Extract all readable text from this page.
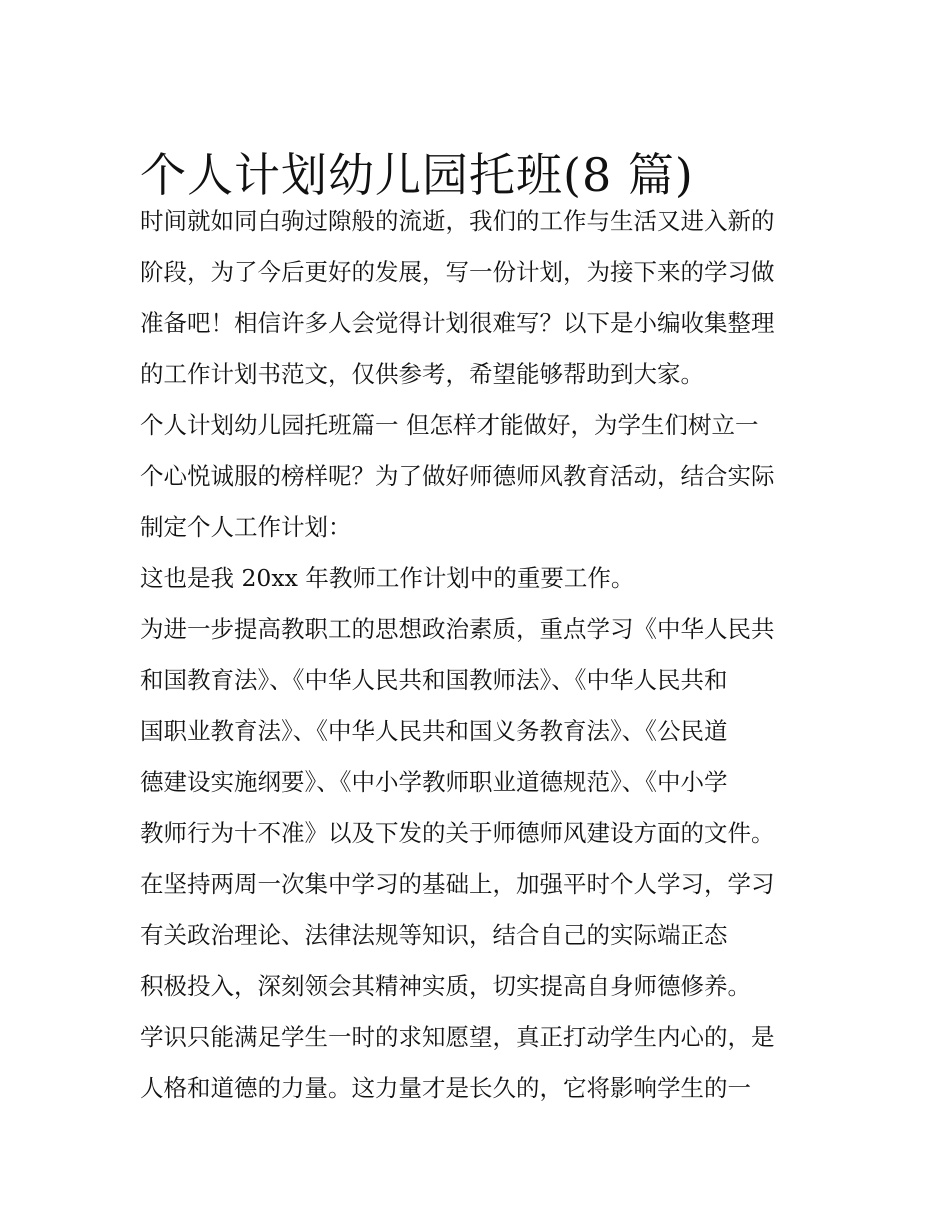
个人计划幼儿园托班(8 篇)
时间就如同白驹过隙般的流逝，我们的工作与生活又进入新的
阶段，为了今后更好的发展，写一份计划，为接下来的学习做
准备吧！相信许多人会觉得计划很难写？以下是小编收集整理
的工作计划书范文，仅供参考，希望能够帮助到大家。
个人计划幼儿园托班篇一 但怎样才能做好，为学生们树立一
个心悦诚服的榜样呢？为了做好师德师风教育活动，结合实际
制定个人工作计划：
这也是我 20xx 年教师工作计划中的重要工作。
为进一步提高教职工的思想政治素质，重点学习《中华人民共
和国教育法》、《中华人民共和国教师法》、《中华人民共和
国职业教育法》、《中华人民共和国义务教育法》、《公民道
德建设实施纲要》、《中小学教师职业道德规范》、《中小学
教师行为十不准》以及下发的关于师德师风建设方面的文件。
在坚持两周一次集中学习的基础上，加强平时个人学习，学习
有关政治理论、法律法规等知识，结合自己的实际端正态
积极投入，深刻领会其精神实质，切实提高自身师德修养。
学识只能满足学生一时的求知愿望，真正打动学生内心的，是
人格和道德的力量。这力量才是长久的，它将影响学生的一
